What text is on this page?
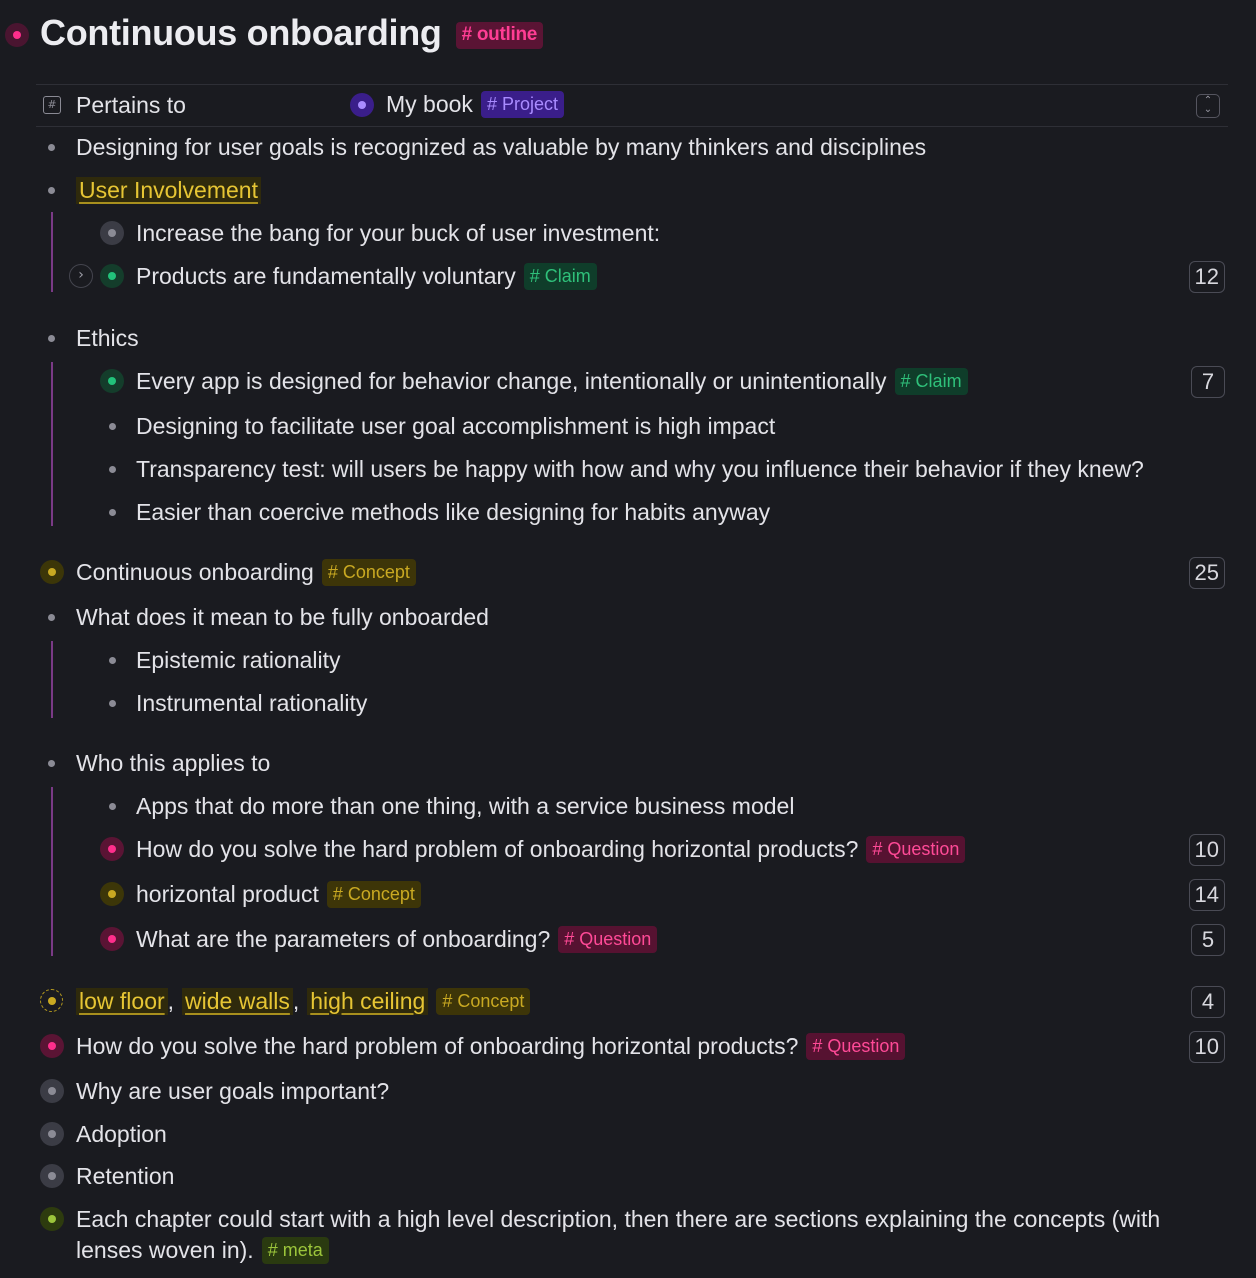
Continuous onboarding # outline
# Pertains to	My book # Project	⌃
⌄
Designing for user goals is recognized as valuable by many thinkers and disciplines
User Involvement
Increase the bang for your buck of user investment:
›	Products are fundamentally voluntary # Claim	12
Ethics
Every app is designed for behavior change, intentionally or unintentionally # Claim	7
Designing to facilitate user goal accomplishment is high impact
Transparency test: will users be happy with how and why you influence their behavior if they knew?
Easier than coercive methods like designing for habits anyway
Continuous onboarding # Concept	25
What does it mean to be fully onboarded
Epistemic rationality
Instrumental rationality
Who this applies to
Apps that do more than one thing, with a service business model
How do you solve the hard problem of onboarding horizontal products? # Question	10
horizontal product # Concept	14
What are the parameters of onboarding? # Question	5
low floor , wide walls , high ceiling # Concept	4
How do you solve the hard problem of onboarding horizontal products? # Question	10
Why are user goals important?
Adoption
Retention
Each chapter could start with a high level description, then there are sections explaining the concepts (with
lenses woven in). # meta
